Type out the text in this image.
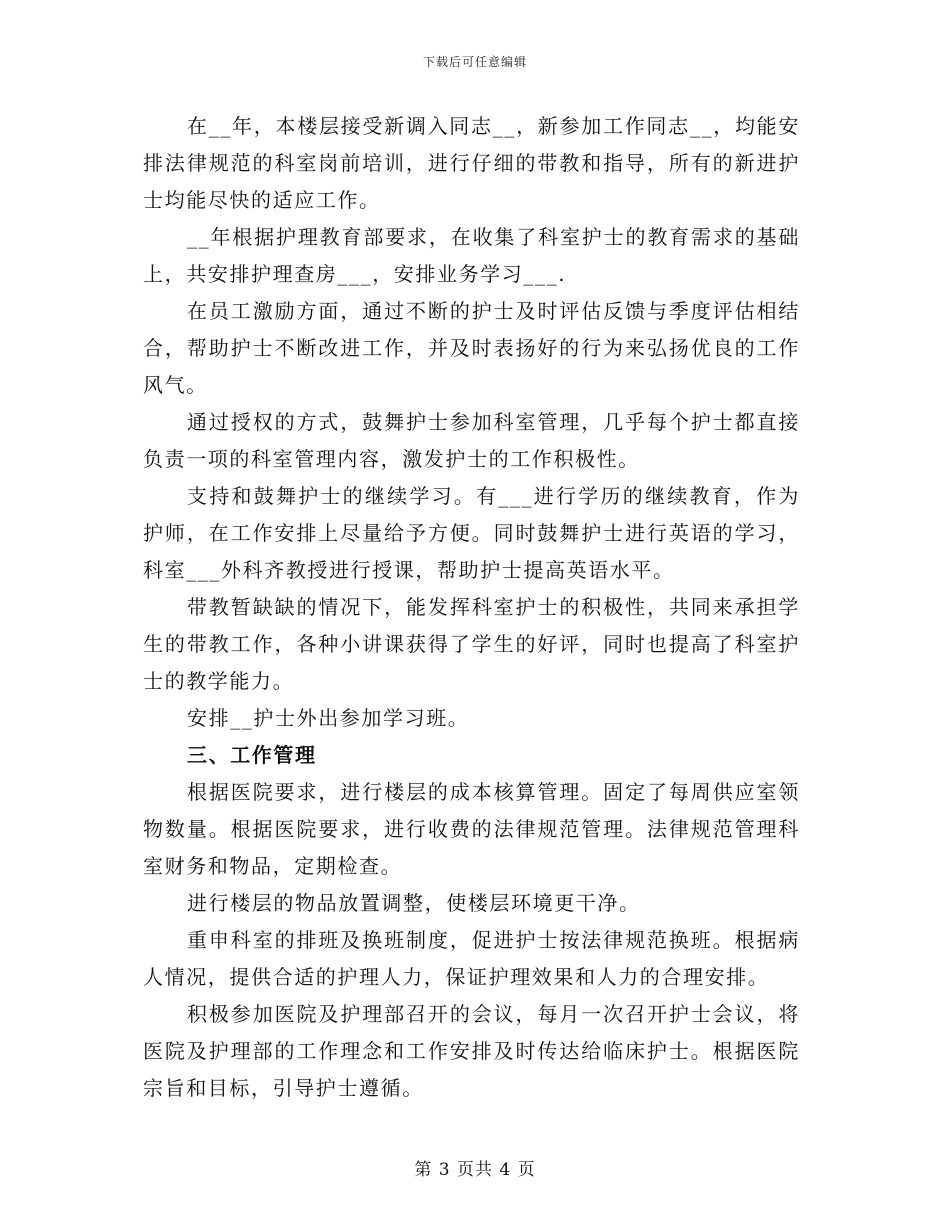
下载后可任意编辑

在__年，本楼层接受新调入同志__，新参加工作同志__，均能安排法律规范的科室岗前培训，进行仔细的带教和指导，所有的新进护士均能尽快的适应工作。

__年根据护理教育部要求，在收集了科室护士的教育需求的基础上，共安排护理查房___，安排业务学习___.

在员工激励方面，通过不断的护士及时评估反馈与季度评估相结合，帮助护士不断改进工作，并及时表扬好的行为来弘扬优良的工作风气。

通过授权的方式，鼓舞护士参加科室管理，几乎每个护士都直接负责一项的科室管理内容，激发护士的工作积极性。

支持和鼓舞护士的继续学习。有___进行学历的继续教育，作为护师，在工作安排上尽量给予方便。同时鼓舞护士进行英语的学习，科室___外科齐教授进行授课，帮助护士提高英语水平。

带教暂缺缺的情况下，能发挥科室护士的积极性，共同来承担学生的带教工作，各种小讲课获得了学生的好评，同时也提高了科室护士的教学能力。

安排__护士外出参加学习班。

三、工作管理

根据医院要求，进行楼层的成本核算管理。固定了每周供应室领物数量。根据医院要求，进行收费的法律规范管理。法律规范管理科室财务和物品，定期检查。

进行楼层的物品放置调整，使楼层环境更干净。

重申科室的排班及换班制度，促进护士按法律规范换班。根据病人情况，提供合适的护理人力，保证护理效果和人力的合理安排。

积极参加医院及护理部召开的会议，每月一次召开护士会议，将医院及护理部的工作理念和工作安排及时传达给临床护士。根据医院宗旨和目标，引导护士遵循。

第 3 页共 4 页
